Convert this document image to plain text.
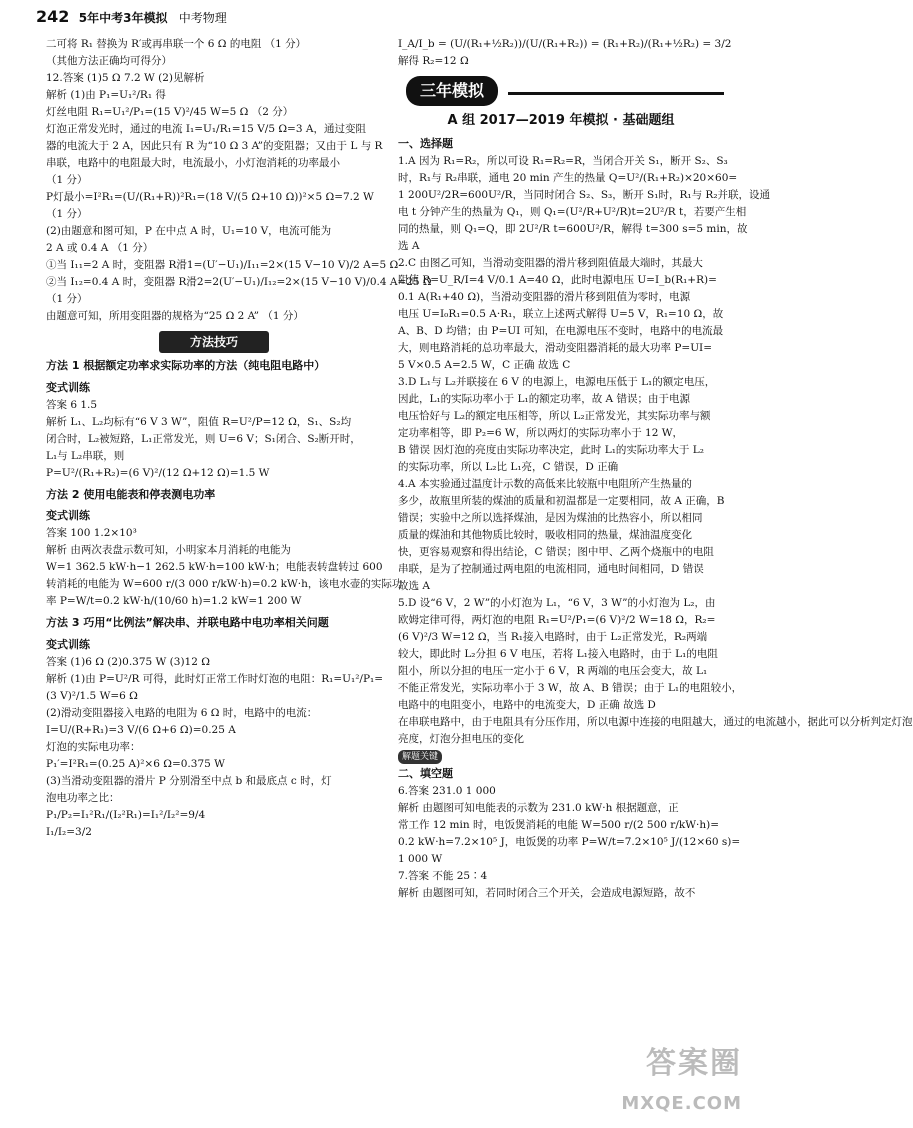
242 5年中考3年模拟 中考物理
二可将 R₁ 替换为 R′或再串联一个 6 Ω 的电阻 （1 分）
（其他方法正确均可得分）
12.答案 (1)5 Ω 7.2 W (2)见解析
解析 (1)由 P₁=U₁²/R₁ 得
灯丝电阻 R₁=U₁²/P₁=(15 V)²/45 W=5 Ω （2 分）
灯泡正常发光时，通过的电流 I₁=U₁/R₁=15 V/5 Ω=3 A，通过变阻
器的电流大于 2 A，因此只有 R 为“10 Ω 3 A”的变阻器；又由于 L 与 R
串联，电路中的电阻最大时，电流最小，小灯泡消耗的功率最小
（1 分）
P灯最小=I²R₁=(U/(R₁+R))²R₁=(18 V/(5 Ω+10 Ω))²×5 Ω=7.2 W
（1 分）
(2)由题意和图可知，P 在中点 A 时，U₁=10 V，电流可能为
2 A 或 0.4 A （1 分）
①当 I₁₁=2 A 时，变阻器 R滑1=(U′−U₁)/I₁₁=2×(15 V−10 V)/2 A=5 Ω
②当 I₁₂=0.4 A 时，变阻器 R滑2=2(U′−U₁)/I₁₂=2×(15 V−10 V)/0.4 A=25 Ω
（1 分）
由题意可知，所用变阻器的规格为“25 Ω 2 A” （1 分）
方法技巧
方法 1 根据额定功率求实际功率的方法（纯电阻电路中）
变式训练
答案 6 1.5
解析 L₁、L₂均标有“6 V 3 W”，阻值 R=U²/P=12 Ω，S₁、S₂均
闭合时，L₂被短路，L₁正常发光，则 U=6 V；S₁闭合、S₂断开时，
L₁与 L₂串联，则
P=U²/(R₁+R₂)=(6 V)²/(12 Ω+12 Ω)=1.5 W
方法 2 使用电能表和停表测电功率
变式训练
答案 100 1.2×10³
解析 由两次表盘示数可知，小明家本月消耗的电能为
W=1 362.5 kW·h−1 262.5 kW·h=100 kW·h；电能表转盘转过 600
转消耗的电能为 W=600 r/(3 000 r/kW·h)=0.2 kW·h，该电水壶的实际功
率 P=W/t=0.2 kW·h/(10/60 h)=1.2 kW=1 200 W
方法 3 巧用“比例法”解决串、并联电路中电功率相关问题
变式训练
答案 (1)6 Ω (2)0.375 W (3)12 Ω
解析 (1)由 P=U²/R 可得，此时灯正常工作时灯泡的电阻：R₁=U₁²/P₁=
(3 V)²/1.5 W=6 Ω
(2)滑动变阻器接入电路的电阻为 6 Ω 时，电路中的电流：
I=U/(R+R₁)=3 V/(6 Ω+6 Ω)=0.25 A
灯泡的实际电功率：
P₁′=I²R₁=(0.25 A)²×6 Ω=0.375 W
(3)当滑动变阻器的滑片 P 分别滑至中点 b 和最底点 c 时，灯
泡电功率之比：
P₁/P₂=I₁²R₁/(I₂²R₁)=I₁²/I₂²=9/4
I₁/I₂=3/2
I_A/I_b = (U/(R₁+½R₂))/(U/(R₁+R₂)) = (R₁+R₂)/(R₁+½R₂) = 3/2
解得 R₂=12 Ω
三年模拟
A 组 2017—2019 年模拟 · 基础题组
一、选择题
1.A 因为 R₁=R₂，所以可设 R₁=R₂=R，当闭合开关 S₁，断开 S₂、S₃
时，R₁与 R₂串联，通电 20 min 产生的热量 Q=U²/(R₁+R₂)×20×60=
1 200U²/2R=600U²/R，当同时闭合 S₂、S₃，断开 S₁时，R₁与 R₂并联，设通
电 t 分钟产生的热量为 Q₁，则 Q₁=(U²/R+U²/R)t=2U²/R t，若要产生相
同的热量，则 Q₁=Q，即 2U²/R t=600U²/R，解得 t=300 s=5 min，故
选 A
2.C 由图乙可知，当滑动变阻器的滑片移到阻值最大端时，其最大
阻值 R=U_R/I=4 V/0.1 A=40 Ω，此时电源电压 U=I_b(R₁+R)=
0.1 A(R₁+40 Ω)，当滑动变阻器的滑片移到阻值为零时，电源
电压 U=I₀R₁=0.5 A·R₁，联立上述两式解得 U=5 V，R₁=10 Ω，故
A、B、D 均错；由 P=UI 可知，在电源电压不变时，电路中的电流最
大，则电路消耗的总功率最大，滑动变阻器消耗的最大功率 P=UI=
5 V×0.5 A=2.5 W，C 正确 故选 C
3.D L₁与 L₂并联接在 6 V 的电源上，电源电压低于 L₁的额定电压，
因此，L₁的实际功率小于 L₁的额定功率，故 A 错误；由于电源
电压恰好与 L₂的额定电压相等，所以 L₂正常发光，其实际功率与额
定功率相等，即 P₂=6 W，所以两灯的实际功率小于 12 W，
B 错误 因灯泡的亮度由实际功率决定，此时 L₁的实际功率大于 L₂
的实际功率，所以 L₂比 L₁亮，C 错误，D 正确
4.A 本实验通过温度计示数的高低来比较瓶中电阻所产生热量的
多少，故瓶里所装的煤油的质量和初温都是一定要相同，故 A 正确，B
错误；实验中之所以选择煤油，是因为煤油的比热容小，所以相同
质量的煤油和其他物质比较时，吸收相同的热量，煤油温度变化
快，更容易观察和得出结论，C 错误；图中甲、乙两个烧瓶中的电阻
串联，是为了控制通过两电阻的电流相同，通电时间相同，D 错误
故选 A
5.D 设“6 V，2 W”的小灯泡为 L₁，“6 V，3 W”的小灯泡为 L₂，由
欧姆定律可得，两灯泡的电阻 R₁=U²/P₁=(6 V)²/2 W=18 Ω，R₂=
(6 V)²/3 W=12 Ω，当 R₁接入电路时，由于 L₂正常发光，R₂两端
较大，即此时 L₂分担 6 V 电压，若将 L₁接入电路时，由于 L₁的电阻
阻小，所以分担的电压一定小于 6 V，R 两端的电压会变大，故 L₁
不能正常发光，实际功率小于 3 W，故 A、B 错误；由于 L₁的电阻较小，
电路中的电阻变小，电路中的电流变大，D 正确 故选 D
在串联电路中，由于电阻具有分压作用，所以电源中连接的电阻越大，通过的电流越小，据此可以分析判定灯泡
亮度，灯泡分担电压的变化
解题关键
二、填空题
6.答案 231.0 1 000
解析 由题图可知电能表的示数为 231.0 kW·h 根据题意，正
常工作 12 min 时，电饭煲消耗的电能 W=500 r/(2 500 r/kW·h)=
0.2 kW·h=7.2×10⁵ J，电饭煲的功率 P=W/t=7.2×10⁵ J/(12×60 s)=
1 000 W
7.答案 不能 25∶4
解析 由题图可知，若同时闭合三个开关，会造成电源短路，故不
答案圈
MXQE.COM
